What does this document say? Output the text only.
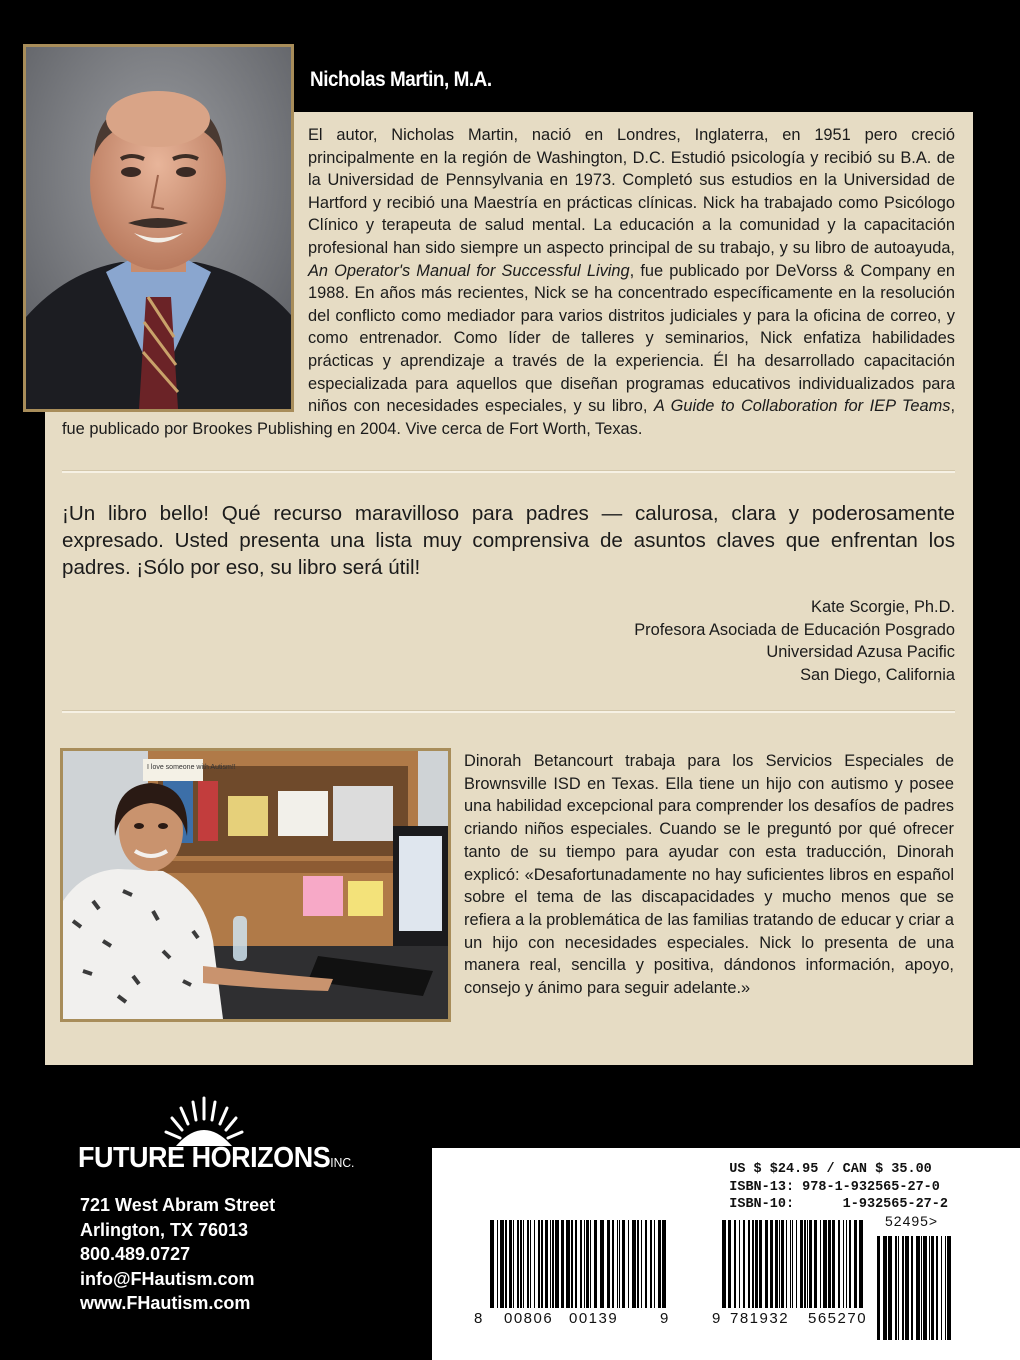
Nicholas Martin, M.A.

El autor, Nicholas Martin, nació en Londres, Inglaterra, en 1951 pero creció principalmente en la región de Washington, D.C. Estudió psicología y recibió su B.A. de la Universidad de Pennsylvania en 1973. Completó sus estudios en la Universidad de Hartford y recibió una Maestría en prácticas clínicas. Nick ha trabajado como Psicólogo Clínico y terapeuta de salud mental. La educación a la comunidad y la capacitación profesional han sido siempre un aspecto principal de su trabajo, y su libro de autoayuda, An Operator's Manual for Successful Living, fue publicado por DeVorss & Company en 1988. En años más recientes, Nick se ha concentrado específicamente en la resolución del conflicto como mediador para varios distritos judiciales y para la oficina de correo, y como entrenador. Como líder de talleres y seminarios, Nick enfatiza habilidades prácticas y aprendizaje a través de la experiencia. Él ha desarrollado capacitación especializada para aquellos que diseñan programas educativos individualizados para niños con necesidades especiales, y su libro, A Guide to Collaboration for IEP Teams, fue publicado por Brookes Publishing en 2004. Vive cerca de Fort Worth, Texas.

¡Un libro bello! Qué recurso maravilloso para padres — calurosa, clara y poderosamente expresado. Usted presenta una lista muy comprensiva de asuntos claves que enfrentan los padres. ¡Sólo por eso, su libro será útil!

Kate Scorgie, Ph.D.
Profesora Asociada de Educación Posgrado
Universidad Azusa Pacific
San Diego, California
I love someone with Autism!!	Dinorah Betancourt trabaja para los Servicios Especiales de Brownsville ISD en Texas. Ella tiene un hijo con autismo y posee una habilidad excepcional para comprender los desafíos de padres criando niños especiales. Cuando se le preguntó por qué ofrecer tanto de su tiempo para ayudar con esta traducción, Dinorah explicó: «Desafortunadamente no hay suficientes libros en español sobre el tema de las discapacidades y mucho menos que se refiera a la problemática de las familias tratando de educar y criar a un hijo con necesidades especiales. Nick lo presenta de una manera real, sencilla y positiva, dándonos información, apoyo, consejo y ánimo para seguir adelante.»

FUTURE HORIZONSINC.
721 West Abram Street
Arlington, TX 76013
800.489.0727
info@FHautism.com
www.FHautism.com
US $ $24.95 / CAN $ 35.00
ISBN-13: 978-1-932565-27-0
ISBN-10:      1-932565-27-2
52495>
8 00806 00139	9	9 781932 565270
